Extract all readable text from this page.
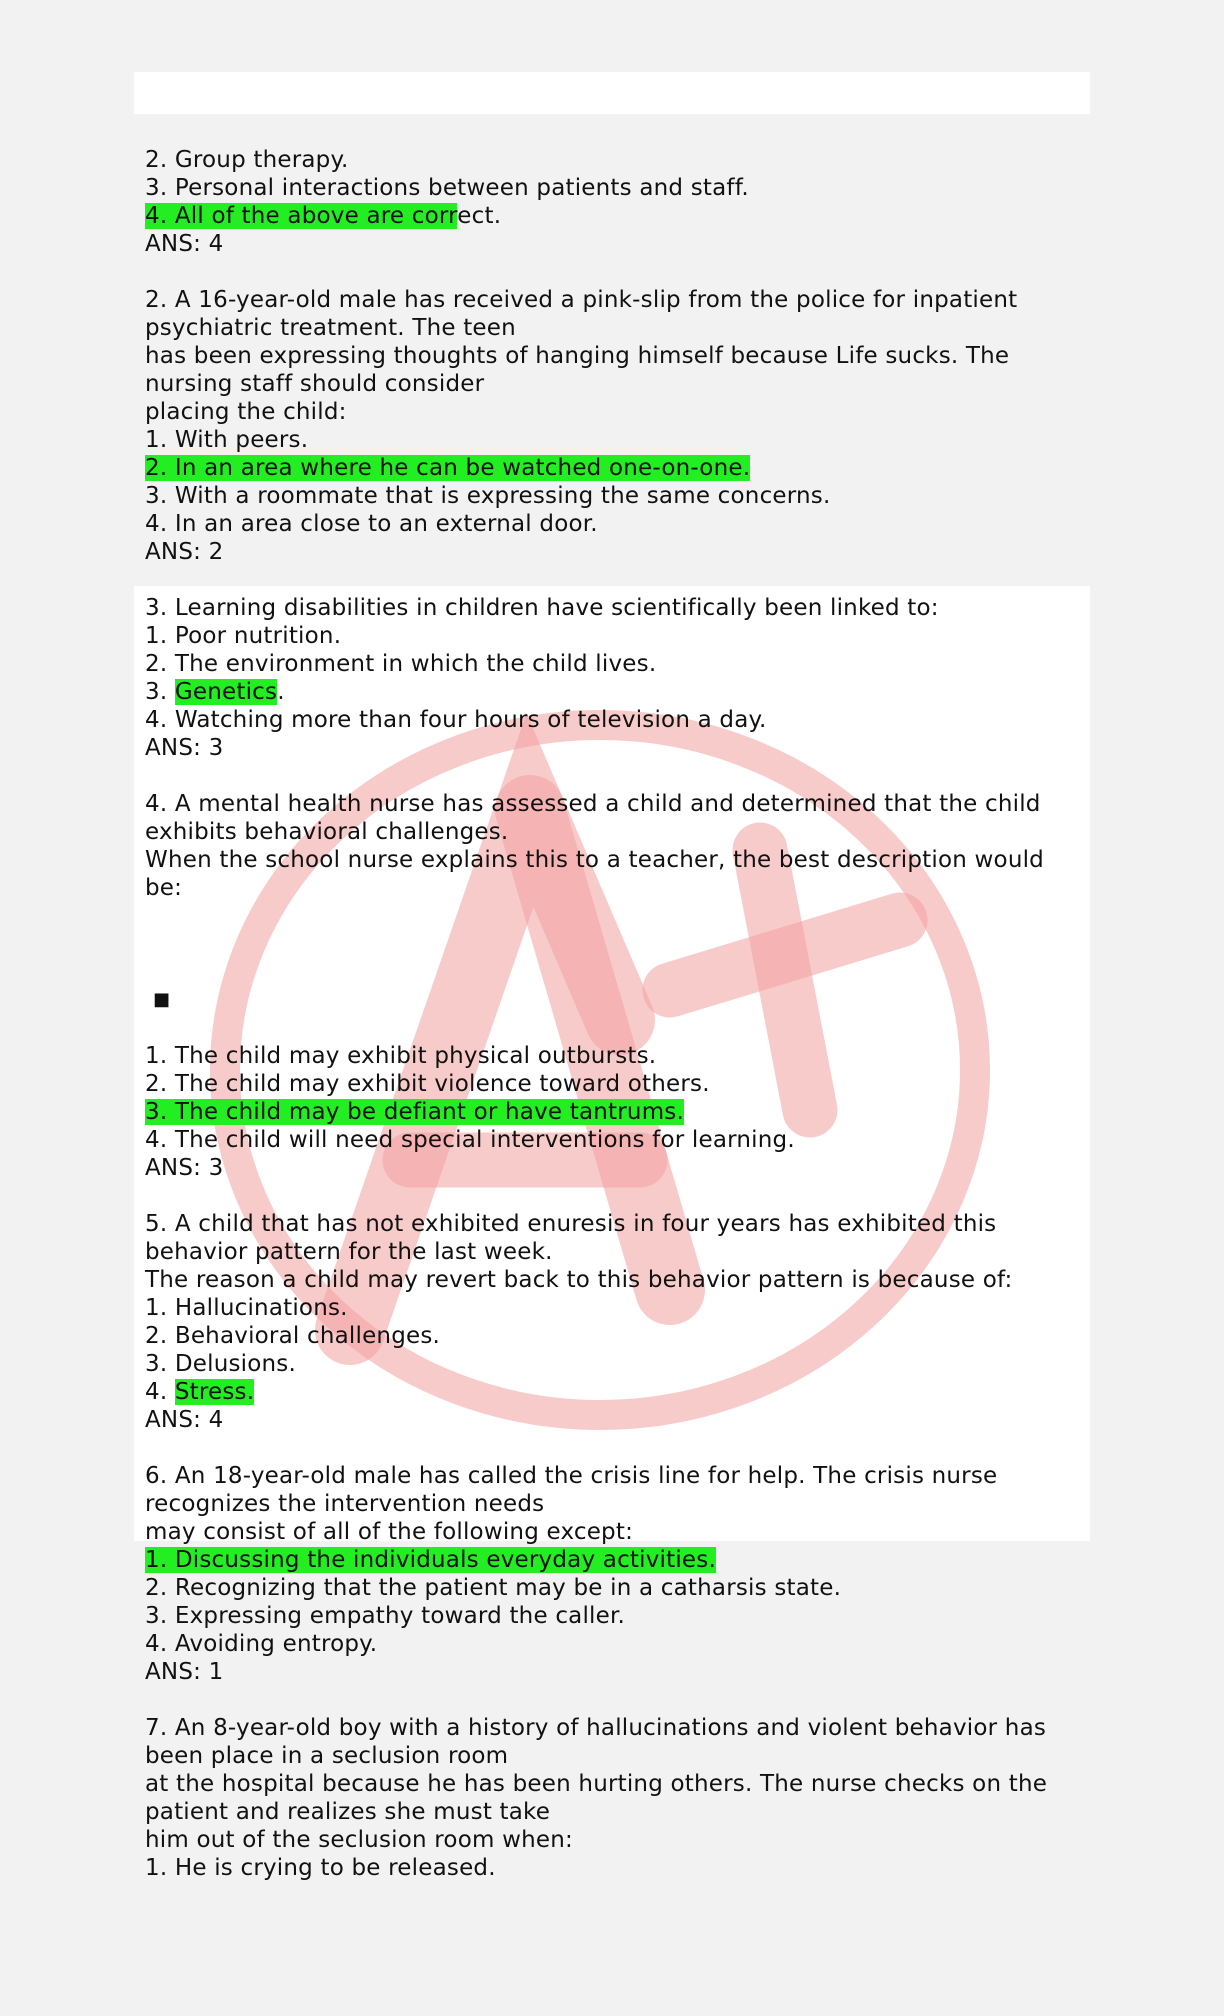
2. Group therapy.
3. Personal interactions between patients and staff.
4. All of the above are correct.
ANS: 4
2. A 16-year-old male has received a pink-slip from the police for inpatient
psychiatric treatment. The teen
has been expressing thoughts of hanging himself because Life sucks. The
nursing staff should consider
placing the child:
1. With peers.
2. In an area where he can be watched one-on-one.
3. With a roommate that is expressing the same concerns.
4. In an area close to an external door.
ANS: 2
3. Learning disabilities in children have scientifically been linked to:
1. Poor nutrition.
2. The environment in which the child lives.
3. Genetics.
4. Watching more than four hours of television a day.
ANS: 3
4. A mental health nurse has assessed a child and determined that the child
exhibits behavioral challenges.
When the school nurse explains this to a teacher, the best description would
be:
■
1. The child may exhibit physical outbursts.
2. The child may exhibit violence toward others.
3. The child may be defiant or have tantrums.
4. The child will need special interventions for learning.
ANS: 3
5. A child that has not exhibited enuresis in four years has exhibited this
behavior pattern for the last week.
The reason a child may revert back to this behavior pattern is because of:
1. Hallucinations.
2. Behavioral challenges.
3. Delusions.
4. Stress.
ANS: 4
6. An 18-year-old male has called the crisis line for help. The crisis nurse
recognizes the intervention needs
may consist of all of the following except:
1. Discussing the individuals everyday activities.
2. Recognizing that the patient may be in a catharsis state.
3. Expressing empathy toward the caller.
4. Avoiding entropy.
ANS: 1
7. An 8-year-old boy with a history of hallucinations and violent behavior has
been place in a seclusion room
at the hospital because he has been hurting others. The nurse checks on the
patient and realizes she must take
him out of the seclusion room when:
1. He is crying to be released.
